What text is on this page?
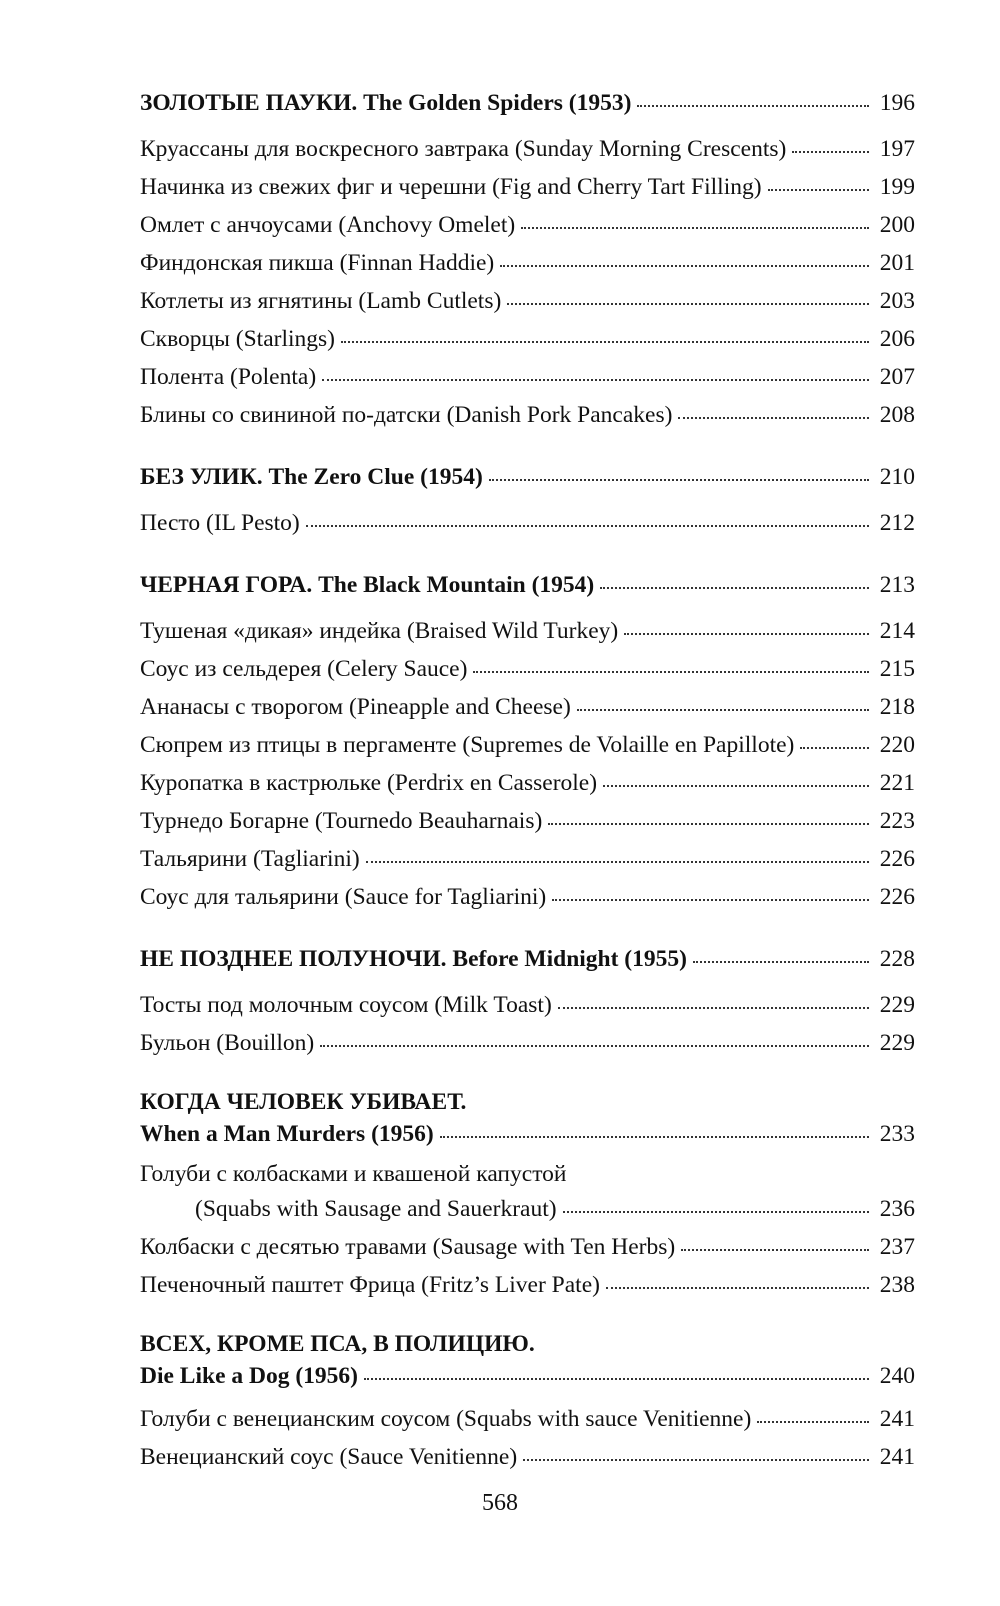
ЗОЛОТЫЕ ПАУКИ. The Golden Spiders (1953)	196
Круассаны для воскресного завтрака (Sunday Morning Crescents)	197
Начинка из свежих фиг и черешни (Fig and Cherry Tart Filling)	199
Омлет с анчоусами (Anchovy Omelet)	200
Финдонская пикша (Finnan Haddie)	201
Котлеты из ягнятины (Lamb Cutlets)	203
Скворцы (Starlings)	206
Полента (Polenta)	207
Блины со свининой по-датски (Danish Pork Pancakes)	208
БЕЗ УЛИК. The Zero Clue (1954)	210
Песто (IL Pesto)	212
ЧЕРНАЯ ГОРА. The Black Mountain (1954)	213
Тушеная «дикая» индейка (Braised Wild Turkey)	214
Соус из сельдерея (Celery Sauce)	215
Ананасы с творогом (Pineapple and Cheese)	218
Сюпрем из птицы в пергаменте (Supremes de Volaille en Papillote)	220
Куропатка в кастрюльке (Perdrix en Casserole)	221
Турнедо Богарне (Tournedo Beauharnais)	223
Тальярини (Tagliarini)	226
Соус для тальярини (Sauce for Tagliarini)	226
НЕ ПОЗДНЕЕ ПОЛУНОЧИ. Before Midnight (1955)	228
Тосты под молочным соусом (Milk Toast)	229
Бульон (Bouillon)	229
КОГДА ЧЕЛОВЕК УБИВАЕТ.
When a Man Murders (1956)	233
Голуби с колбасками и квашеной капустой
(Squabs with Sausage and Sauerkraut)	236
Колбаски с десятью травами (Sausage with Ten Herbs)	237
Печеночный паштет Фрица (Fritz’s Liver Pate)	238
ВСЕХ, КРОМЕ ПСА, В ПОЛИЦИЮ.
Die Like a Dog (1956)	240
Голуби с венецианским соусом (Squabs with sauce Venitienne)	241
Венецианский соус (Sauce Venitienne)	241
568
